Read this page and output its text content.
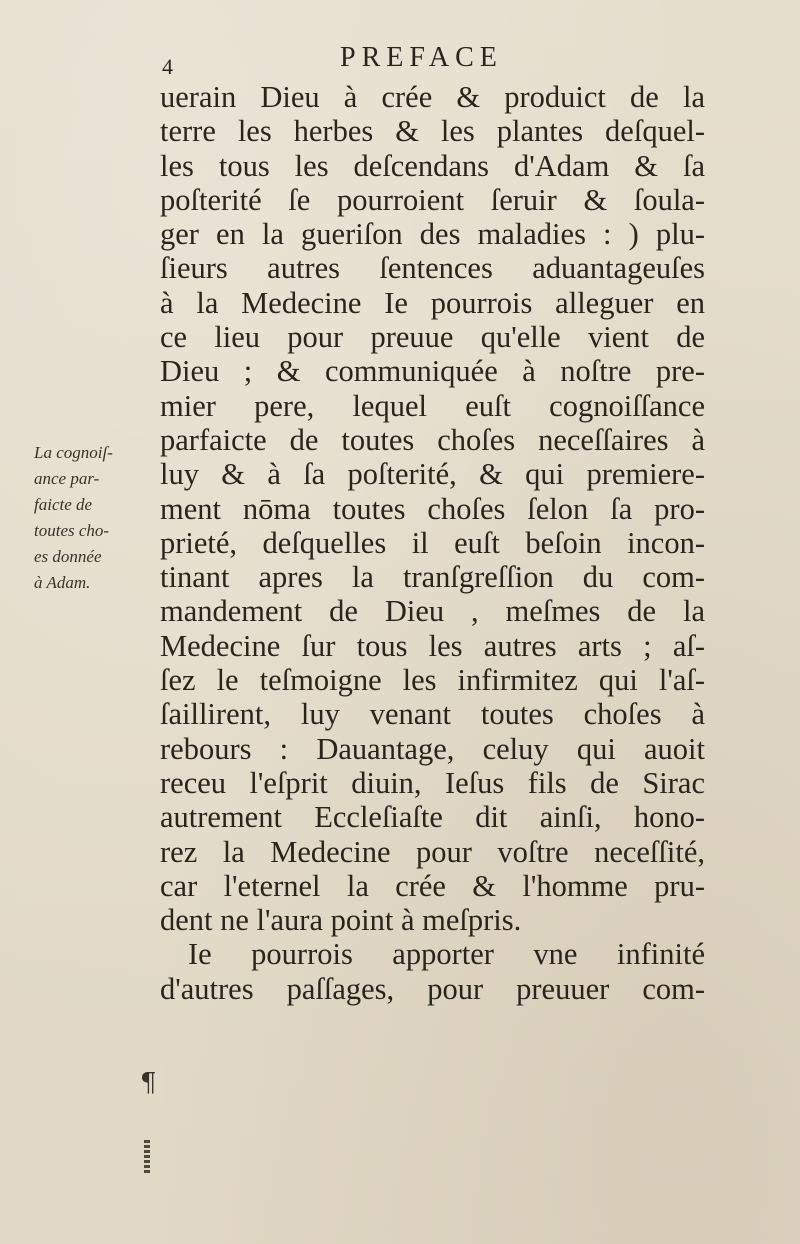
4	PREFACE
La cognoiſ-
ance par-
faicte de
toutes cho-
es donnée
à Adam.
uerain Dieu à crée & produict de la
terre les herbes & les plantes deſquel-
les tous les deſcendans d'Adam & ſa
poſterité ſe pourroient ſeruir & ſoula-
ger en la gueriſon des maladies : ) plu-
ſieurs autres ſentences aduantageuſes
à la Medecine Ie pourrois alleguer en
ce lieu pour preuue qu'elle vient de
Dieu ; & communiquée à noſtre pre-
mier pere, lequel euſt cognoiſſance
parfaicte de toutes choſes neceſſaires à
luy & à ſa poſterité, & qui premiere-
ment nōma toutes choſes ſelon ſa pro-
prieté, deſquelles il euſt beſoin incon-
tinant apres la tranſgreſſion du com-
mandement de Dieu , meſmes de la
Medecine ſur tous les autres arts ; aſ-
ſez le teſmoigne les infirmitez qui l'aſ-
ſaillirent, luy venant toutes choſes à
rebours : Dauantage, celuy qui auoit
receu l'eſprit diuin, Ieſus fils de Sirac
autrement Eccleſiaſte dit ainſi, hono-
rez la Medecine pour voſtre neceſſité,
car l'eternel la crée & l'homme pru-
dent ne l'aura point à meſpris.
Ie pourrois apporter vne infinité
d'autres paſſages, pour preuuer com-
¶
